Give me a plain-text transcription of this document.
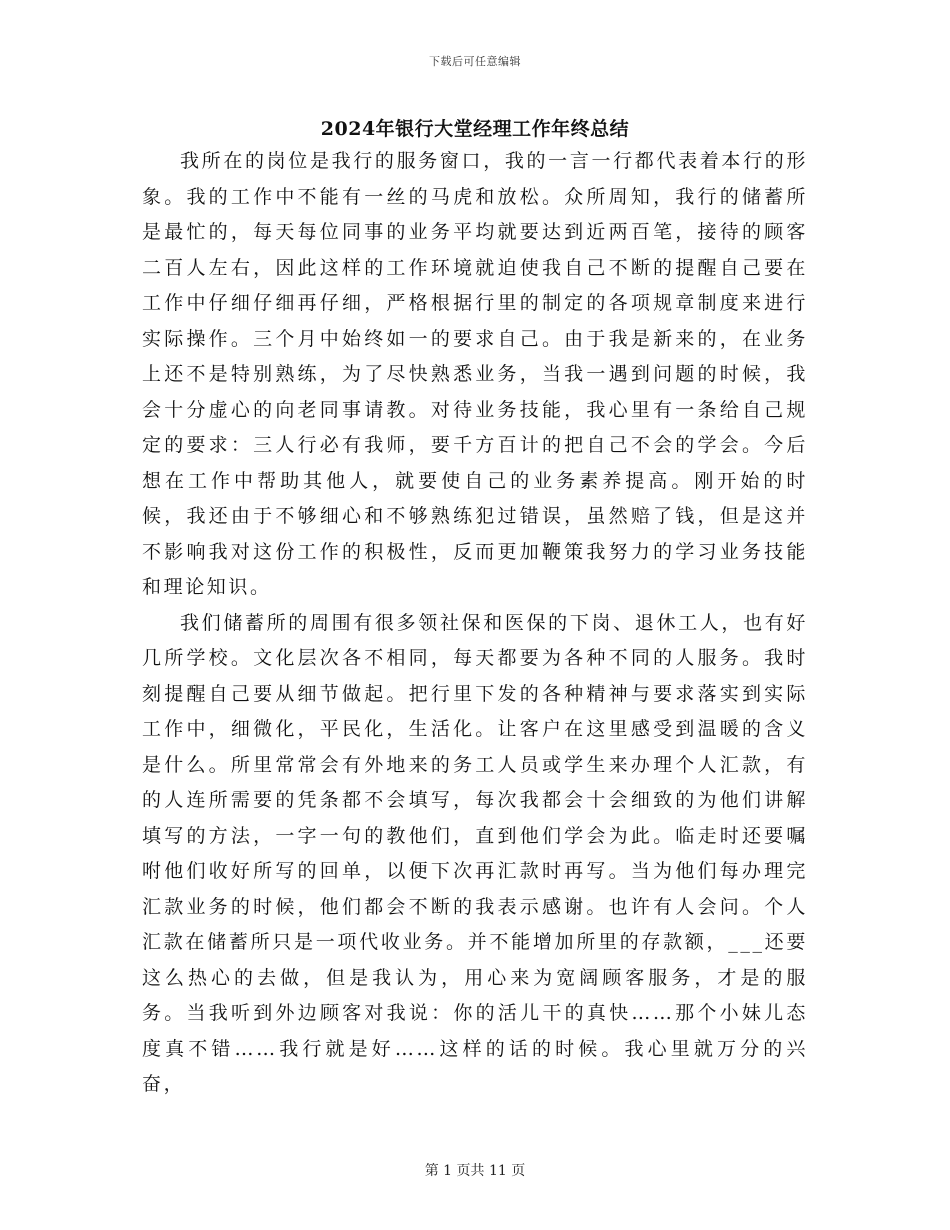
下载后可任意编辑
2024年银行大堂经理工作年终总结

我所在的岗位是我行的服务窗口，我的一言一行都代表着本行的形象。我的工作中不能有一丝的马虎和放松。众所周知，我行的储蓄所是最忙的，每天每位同事的业务平均就要达到近两百笔，接待的顾客二百人左右，因此这样的工作环境就迫使我自己不断的提醒自己要在工作中仔细仔细再仔细，严格根据行里的制定的各项规章制度来进行实际操作。三个月中始终如一的要求自己。由于我是新来的，在业务上还不是特别熟练，为了尽快熟悉业务，当我一遇到问题的时候，我会十分虚心的向老同事请教。对待业务技能，我心里有一条给自己规定的要求：三人行必有我师，要千方百计的把自己不会的学会。今后想在工作中帮助其他人，就要使自己的业务素养提高。刚开始的时候，我还由于不够细心和不够熟练犯过错误，虽然赔了钱，但是这并不影响我对这份工作的积极性，反而更加鞭策我努力的学习业务技能和理论知识。

我们储蓄所的周围有很多领社保和医保的下岗、退休工人，也有好几所学校。文化层次各不相同，每天都要为各种不同的人服务。我时刻提醒自己要从细节做起。把行里下发的各种精神与要求落实到实际工作中，细微化，平民化，生活化。让客户在这里感受到温暖的含义是什么。所里常常会有外地来的务工人员或学生来办理个人汇款，有的人连所需要的凭条都不会填写，每次我都会十会细致的为他们讲解填写的方法，一字一句的教他们，直到他们学会为此。临走时还要嘱咐他们收好所写的回单，以便下次再汇款时再写。当为他们每办理完汇款业务的时候，他们都会不断的我表示感谢。也许有人会问。个人汇款在储蓄所只是一项代收业务。并不能增加所里的存款额，___还要这么热心的去做，但是我认为，用心来为宽阔顾客服务，才是的服务。当我听到外边顾客对我说：你的活儿干的真快……那个小妹儿态度真不错……我行就是好……这样的话的时候。我心里就万分的兴奋，

第 1 页共 11 页
